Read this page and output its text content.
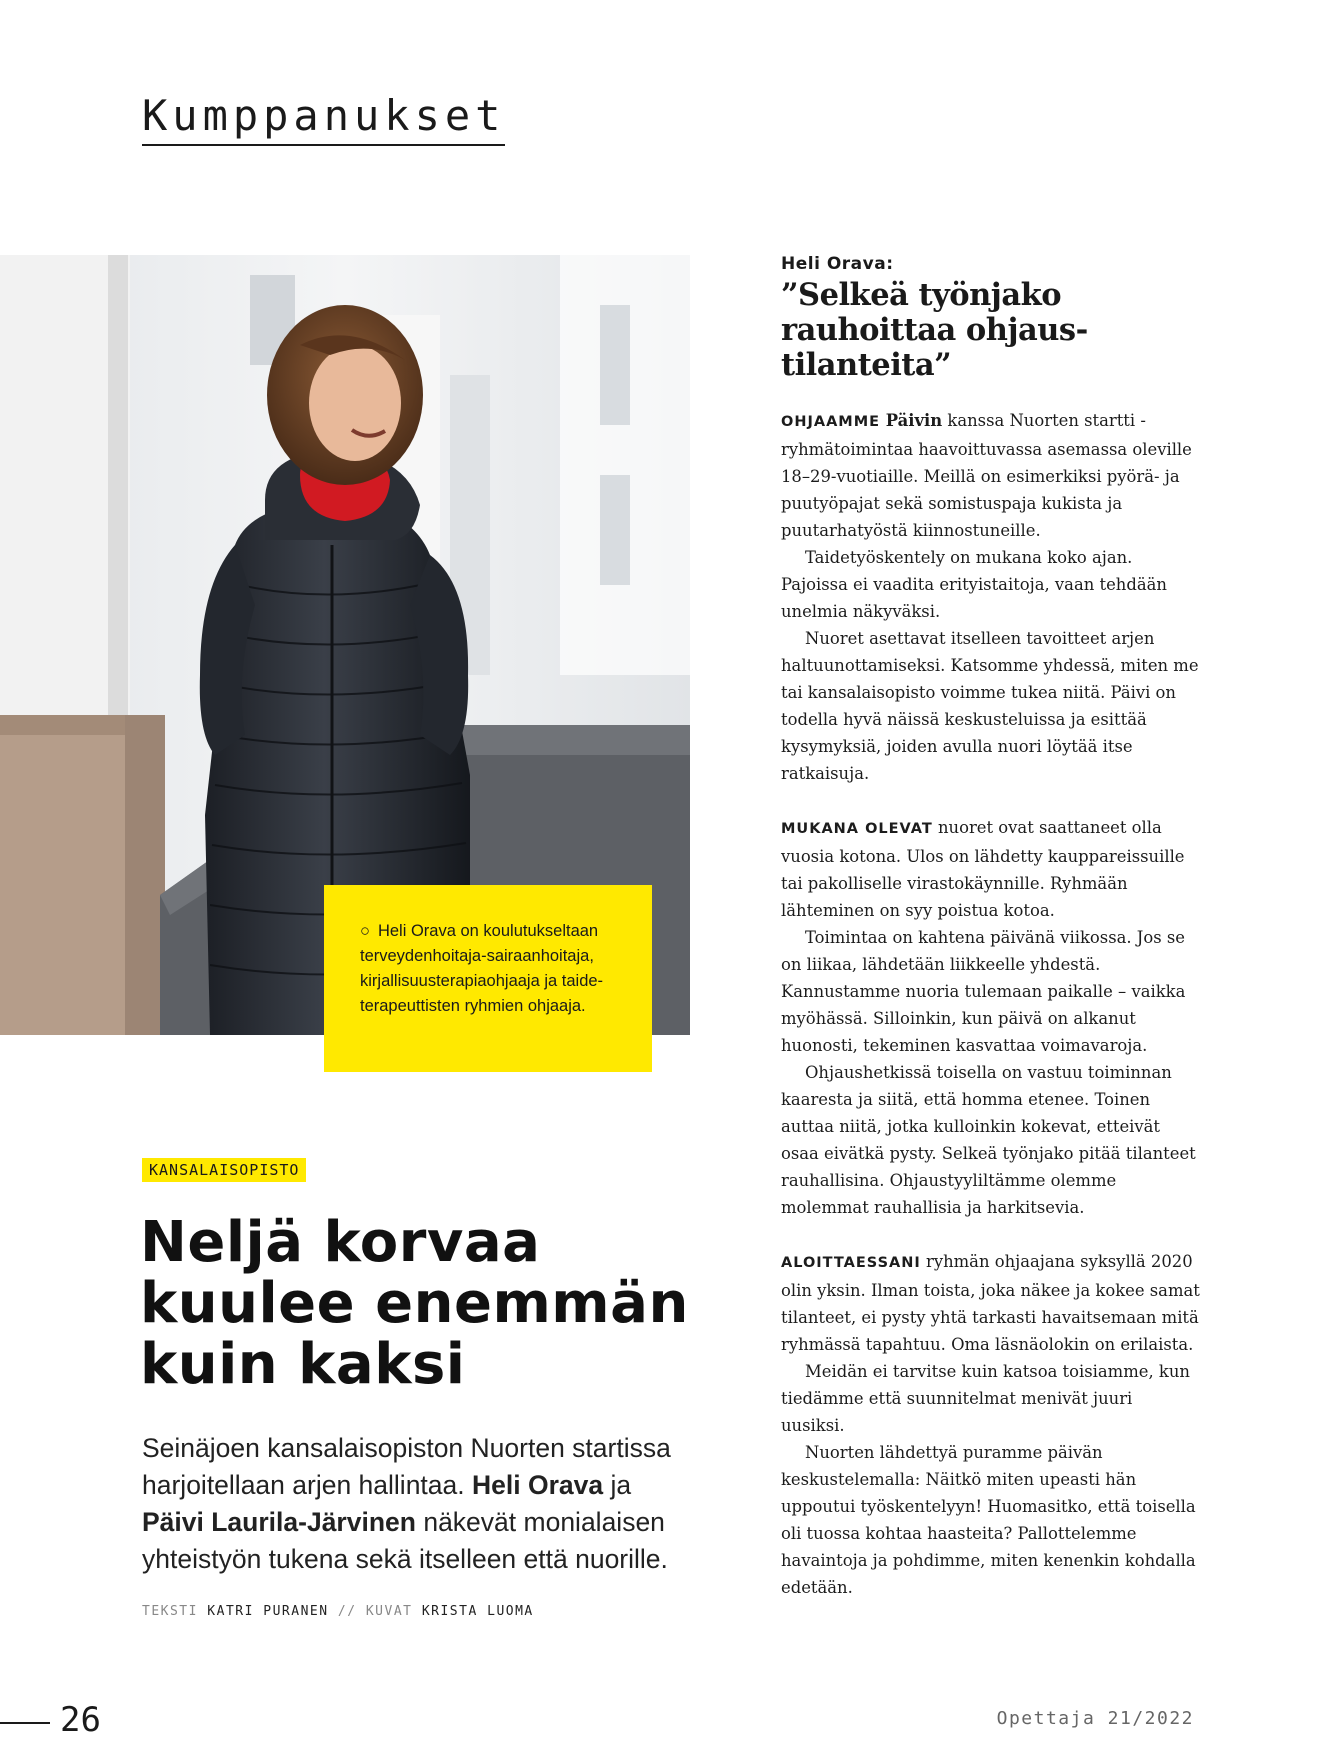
Kumppanukset
○ Heli Orava on koulutukseltaan
terveydenhoitaja-sairaanhoitaja,
kirjallisuusterapiaohjaaja ja taide-
terapeuttisten ryhmien ohjaaja.
KANSALAISOPISTO
Neljä korvaa
kuulee enemmän
kuin kaksi

Seinäjoen kansalaisopiston Nuorten startissa harjoitellaan arjen hallintaa. Heli Orava ja Päivi Laurila-Järvinen näkevät monialaisen yhteistyön tukena sekä itselleen että nuorille.

TEKSTI KATRI PURANEN // KUVAT KRISTA LUOMA
Heli Orava:
”Selkeä työnjako
rauhoittaa ohjaus-
tilanteita”

OHJAAMME Päivin kanssa Nuorten startti -ryhmätoimintaa haavoittuvassa asemassa oleville 18–29-vuotiaille. Meillä on esimerkiksi pyörä- ja puutyöpajat sekä somistuspaja kukista ja puutarhatyöstä kiinnostuneille.

Taidetyöskentely on mukana koko ajan. Pajoissa ei vaadita erityistaitoja, vaan tehdään unelmia näkyväksi.

Nuoret asettavat itselleen tavoitteet arjen haltuunottamiseksi. Katsomme yhdessä, miten me tai kansalaisopisto voimme tukea niitä. Päivi on todella hyvä näissä keskusteluissa ja esittää kysymyksiä, joiden avulla nuori löytää itse ratkaisuja.

MUKANA OLEVAT nuoret ovat saattaneet olla vuosia kotona. Ulos on lähdetty kauppareissuille tai pakolliselle virastokäynnille. Ryhmään lähteminen on syy poistua kotoa.

Toimintaa on kahtena päivänä viikossa. Jos se on liikaa, lähdetään liikkeelle yhdestä. Kannustamme nuoria tulemaan paikalle – vaikka myöhässä. Silloinkin, kun päivä on alkanut huonosti, tekeminen kasvattaa voimavaroja.

Ohjaushetkissä toisella on vastuu toiminnan kaaresta ja siitä, että homma etenee. Toinen auttaa niitä, jotka kulloinkin kokevat, etteivät osaa eivätkä pysty. Selkeä työnjako pitää tilanteet rauhallisina. Ohjaustyyliltämme olemme molemmat rauhallisia ja harkitsevia.

ALOITTAESSANI ryhmän ohjaajana syksyllä 2020 olin yksin. Ilman toista, joka näkee ja kokee samat tilanteet, ei pysty yhtä tarkasti havaitsemaan mitä ryhmässä tapahtuu. Oma läsnäolokin on erilaista.

Meidän ei tarvitse kuin katsoa toisiamme, kun tiedämme että suunnitelmat menivät juuri uusiksi.

Nuorten lähdettyä puramme päivän keskustelemalla: Näitkö miten upeasti hän uppoutui työskentelyyn! Huomasitko, että toisella oli tuossa kohtaa haasteita? Pallottelemme havaintoja ja pohdimme, miten kenenkin kohdalla edetään.

26	Opettaja 21/2022
